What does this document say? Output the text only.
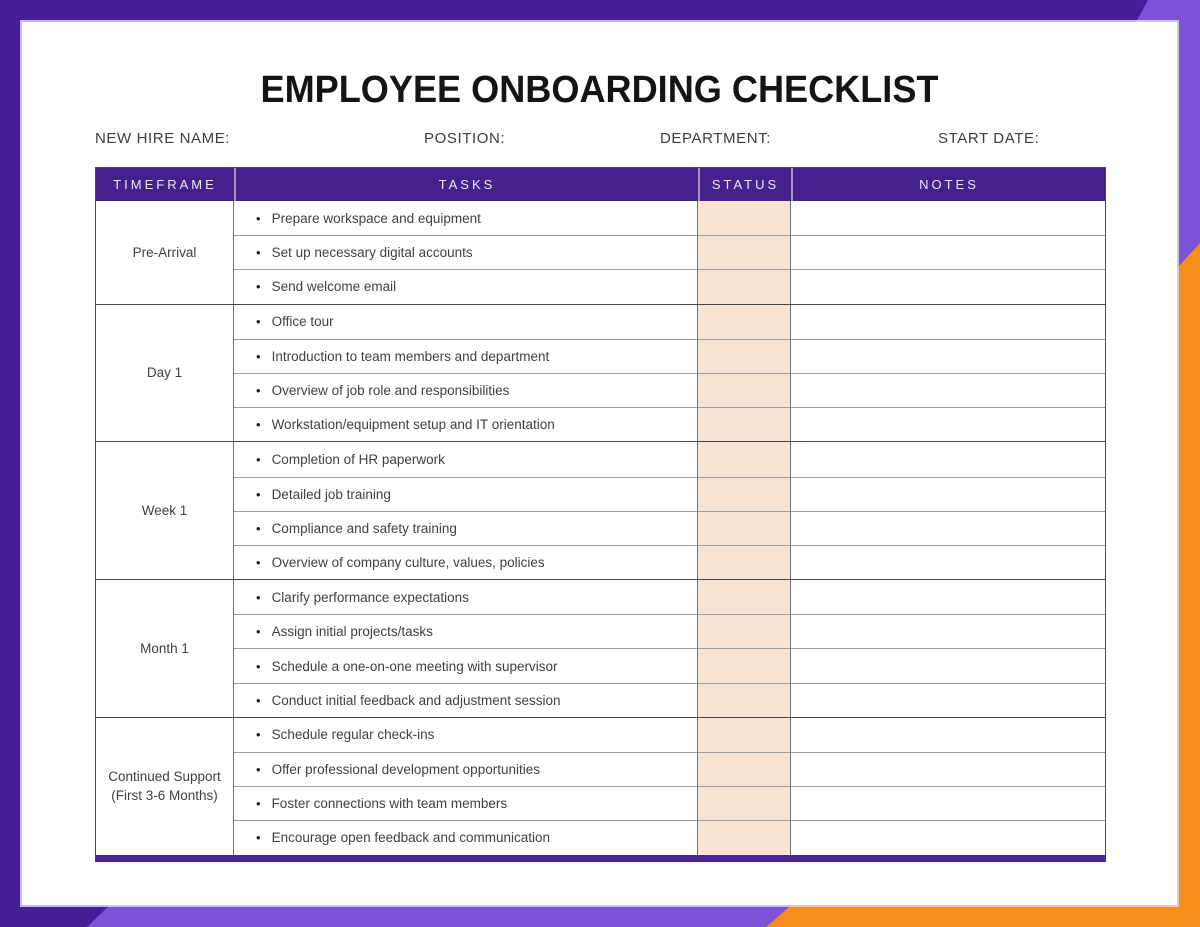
EMPLOYEE ONBOARDING CHECKLIST
NEW HIRE NAME:	POSITION:	DEPARTMENT:	START DATE:
TIMEFRAME	TASKS	STATUS	NOTES
Pre-Arrival
• Prepare workspace and equipment
• Set up necessary digital accounts
• Send welcome email
Day 1
• Office tour
• Introduction to team members and department
• Overview of job role and responsibilities
• Workstation/equipment setup and IT orientation
Week 1
• Completion of HR paperwork
• Detailed job training
• Compliance and safety training
• Overview of company culture, values, policies
Month 1
• Clarify performance expectations
• Assign initial projects/tasks
• Schedule a one-on-one meeting with supervisor
• Conduct initial feedback and adjustment session
Continued Support (First 3-6 Months)
• Schedule regular check-ins
• Offer professional development opportunities
• Foster connections with team members
• Encourage open feedback and communication
